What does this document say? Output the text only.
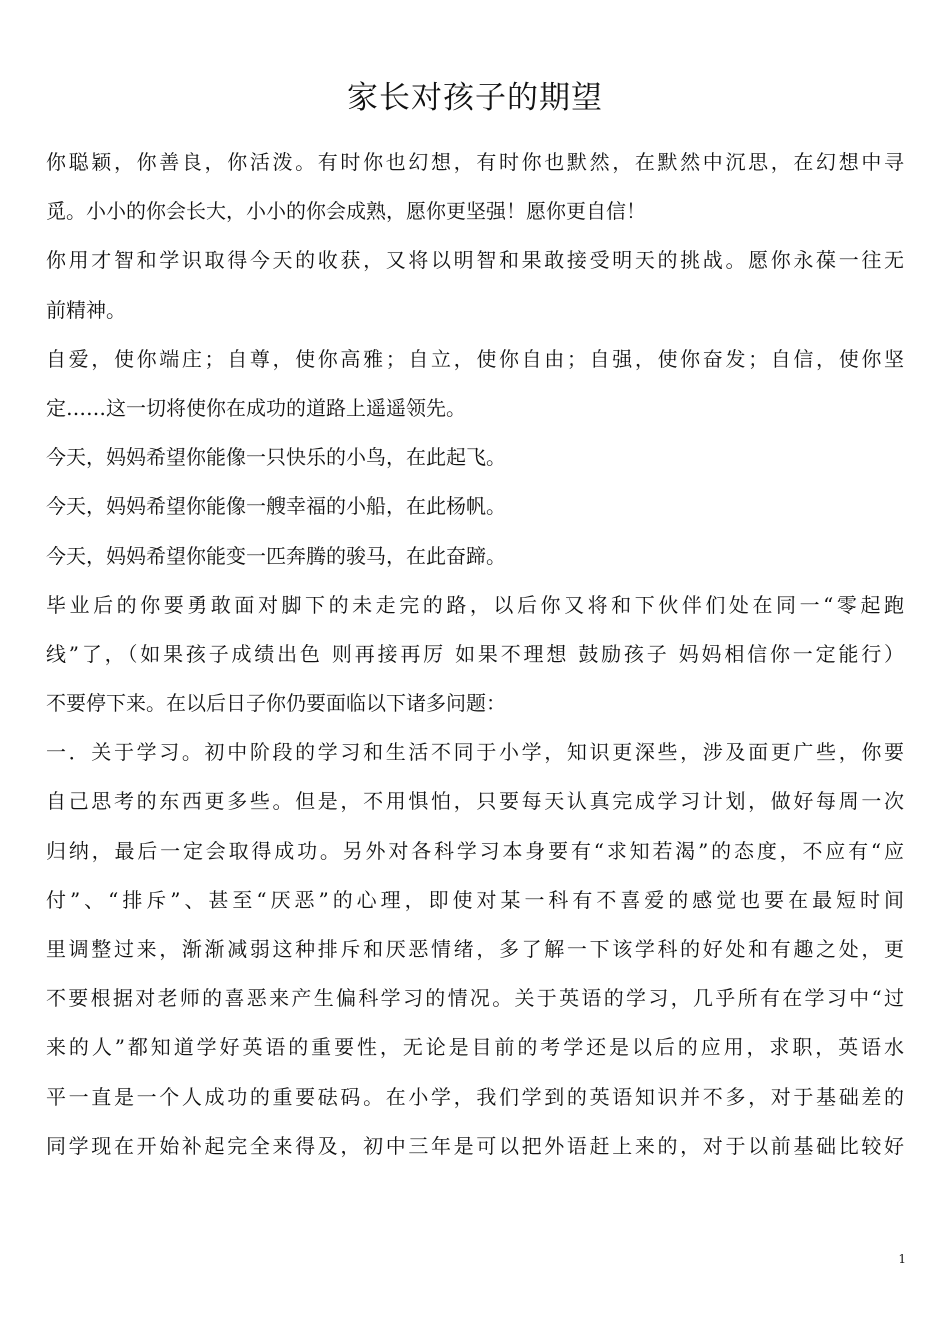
家长对孩子的期望
你聪颖，你善良，你活泼。有时你也幻想，有时你也默然，在默然中沉思，在幻想中寻
觅。小小的你会长大，小小的你会成熟，愿你更坚强！愿你更自信！
你用才智和学识取得今天的收获，又将以明智和果敢接受明天的挑战。愿你永葆一往无
前精神。
自爱，使你端庄；自尊，使你高雅；自立，使你自由；自强，使你奋发；自信，使你坚
定……这一切将使你在成功的道路上遥遥领先。
今天，妈妈希望你能像一只快乐的小鸟，在此起飞。
今天，妈妈希望你能像一艘幸福的小船，在此杨帆。
今天，妈妈希望你能变一匹奔腾的骏马，在此奋蹄。
毕业后的你要勇敢面对脚下的未走完的路，以后你又将和下伙伴们处在同一“零起跑
线”了，（如果孩子成绩出色 则再接再厉 如果不理想 鼓励孩子 妈妈相信你一定能行）
不要停下来。在以后日子你仍要面临以下诸多问题：
一．关于学习。初中阶段的学习和生活不同于小学，知识更深些，涉及面更广些，你要
自己思考的东西更多些。但是，不用惧怕，只要每天认真完成学习计划，做好每周一次
归纳，最后一定会取得成功。另外对各科学习本身要有“求知若渴”的态度，不应有“应
付”、“排斥”、甚至“厌恶”的心理，即使对某一科有不喜爱的感觉也要在最短时间
里调整过来，渐渐减弱这种排斥和厌恶情绪，多了解一下该学科的好处和有趣之处，更
不要根据对老师的喜恶来产生偏科学习的情况。关于英语的学习，几乎所有在学习中“过
来的人”都知道学好英语的重要性，无论是目前的考学还是以后的应用，求职，英语水
平一直是一个人成功的重要砝码。在小学，我们学到的英语知识并不多，对于基础差的
同学现在开始补起完全来得及，初中三年是可以把外语赶上来的，对于以前基础比较好
1
